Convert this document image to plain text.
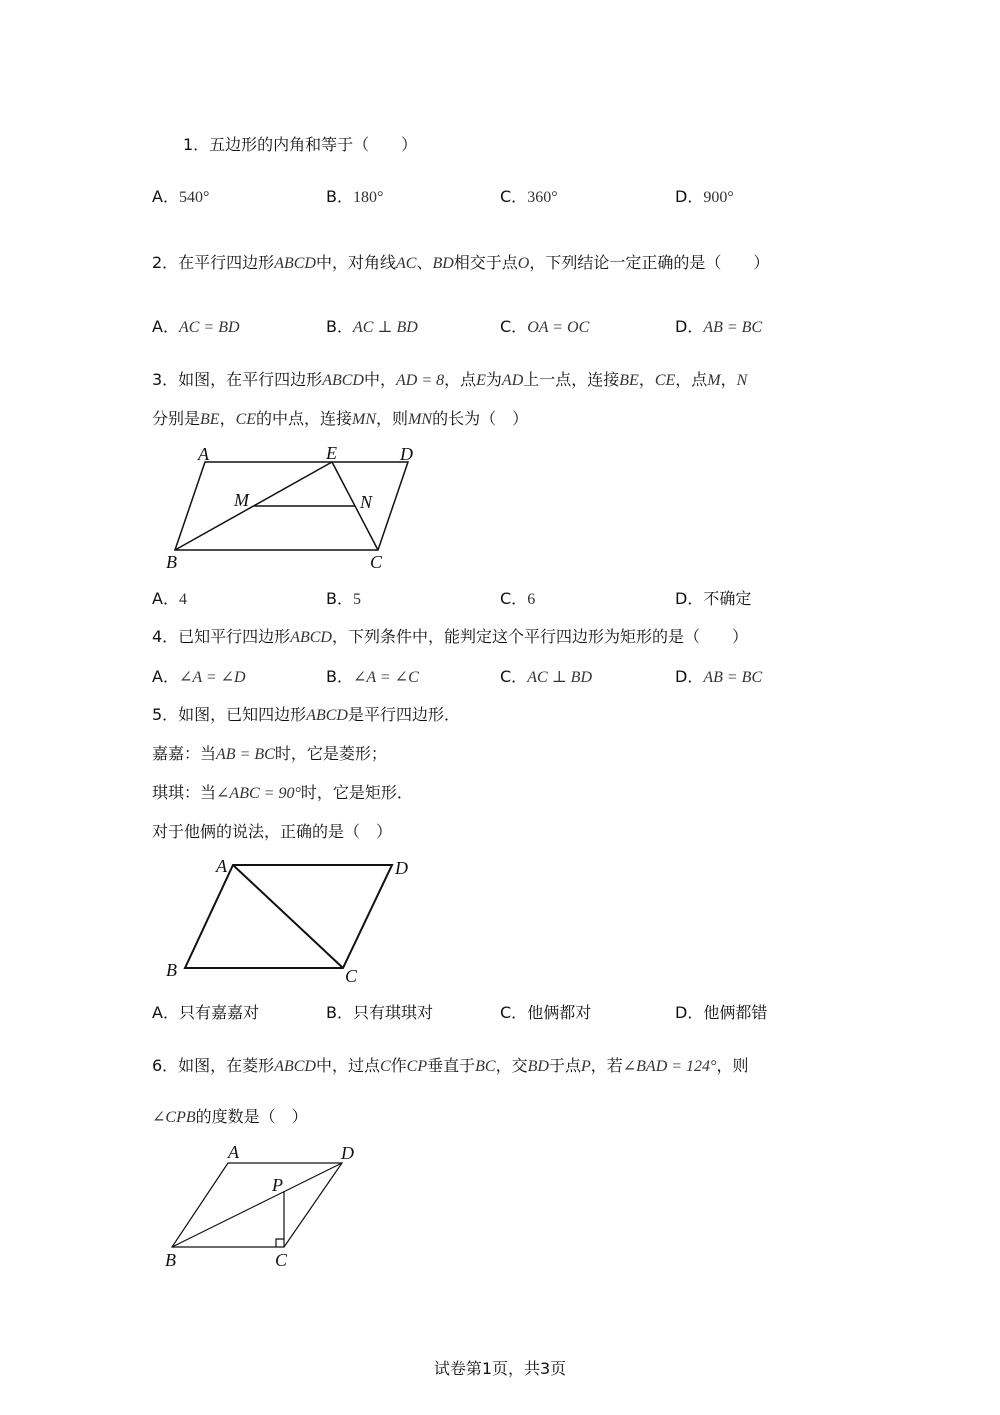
1．五边形的内角和等于（　　）
A．540°	B．180°	C．360°	D．900°
2．在平行四边形ABCD中，对角线AC、BD相交于点O，下列结论一定正确的是（　　）
A．AC = BD	B．AC ⊥ BD	C．OA = OC	D．AB = BC
3．如图，在平行四边形ABCD中，AD = 8，点E为AD上一点，连接BE，CE，点M，N
分别是BE，CE的中点，连接MN，则MN的长为（　）
A	E	D
M	N
B	C
A．4	B．5	C．6	D．不确定
4．已知平行四边形ABCD，下列条件中，能判定这个平行四边形为矩形的是（　　）
A．∠A = ∠D	B．∠A = ∠C	C．AC ⊥ BD	D．AB = BC
5．如图，已知四边形ABCD是平行四边形．
嘉嘉：当AB = BC时，它是菱形；
琪琪：当∠ABC = 90°时，它是矩形．
对于他俩的说法，正确的是（　）
A	D
B	C
A．只有嘉嘉对	B．只有琪琪对	C．他俩都对	D．他俩都错
6．如图，在菱形ABCD中，过点C作CP垂直于BC，交BD于点P，若∠BAD = 124°，则
∠CPB的度数是（　）
A	D
P
B	C
试卷第1页，共3页
